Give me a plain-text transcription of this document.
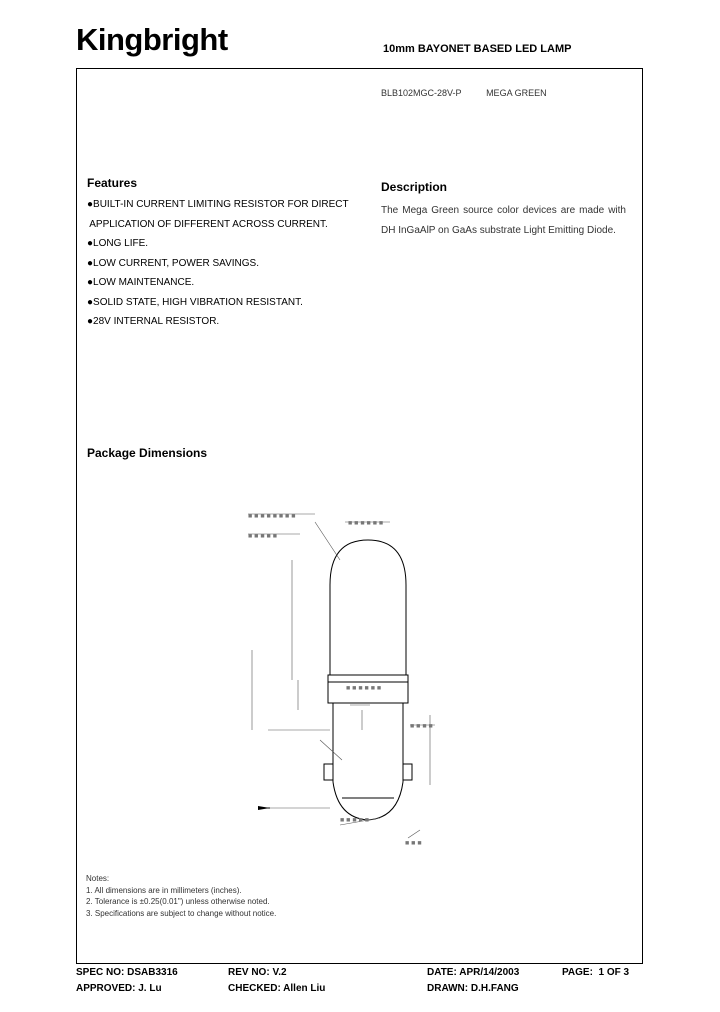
Kingbright	10mm BAYONET BASED LED LAMP
BLB102MGC-28V-P	MEGA GREEN
Features
●BUILT-IN CURRENT LIMITING RESISTOR FOR DIRECT
APPLICATION OF DIFFERENT ACROSS CURRENT.
●LONG LIFE.
●LOW CURRENT, POWER SAVINGS.
●LOW MAINTENANCE.
●SOLID STATE, HIGH VIBRATION RESISTANT.
●28V INTERNAL RESISTOR.
Description
The Mega Green source color devices are made with DH InGaAlP on GaAs substrate Light Emitting Diode.
Package Dimensions
■ ■ ■ ■ ■ ■ ■ ■
■ ■ ■ ■ ■
■ ■ ■ ■ ■ ■
■ ■ ■ ■ ■ ■
■ ■ ■ ■
■ ■ ■ ■ ■
■ ■ ■
Notes:
1. All dimensions are in millimeters (inches).
2. Tolerance is ±0.25(0.01") unless otherwise noted.
3. Specifications are subject to change without notice.
SPEC NO: DSAB3316	REV NO: V.2	DATE: APR/14/2003	PAGE:  1 OF 3
APPROVED: J. Lu	CHECKED: Allen Liu	DRAWN: D.H.FANG
